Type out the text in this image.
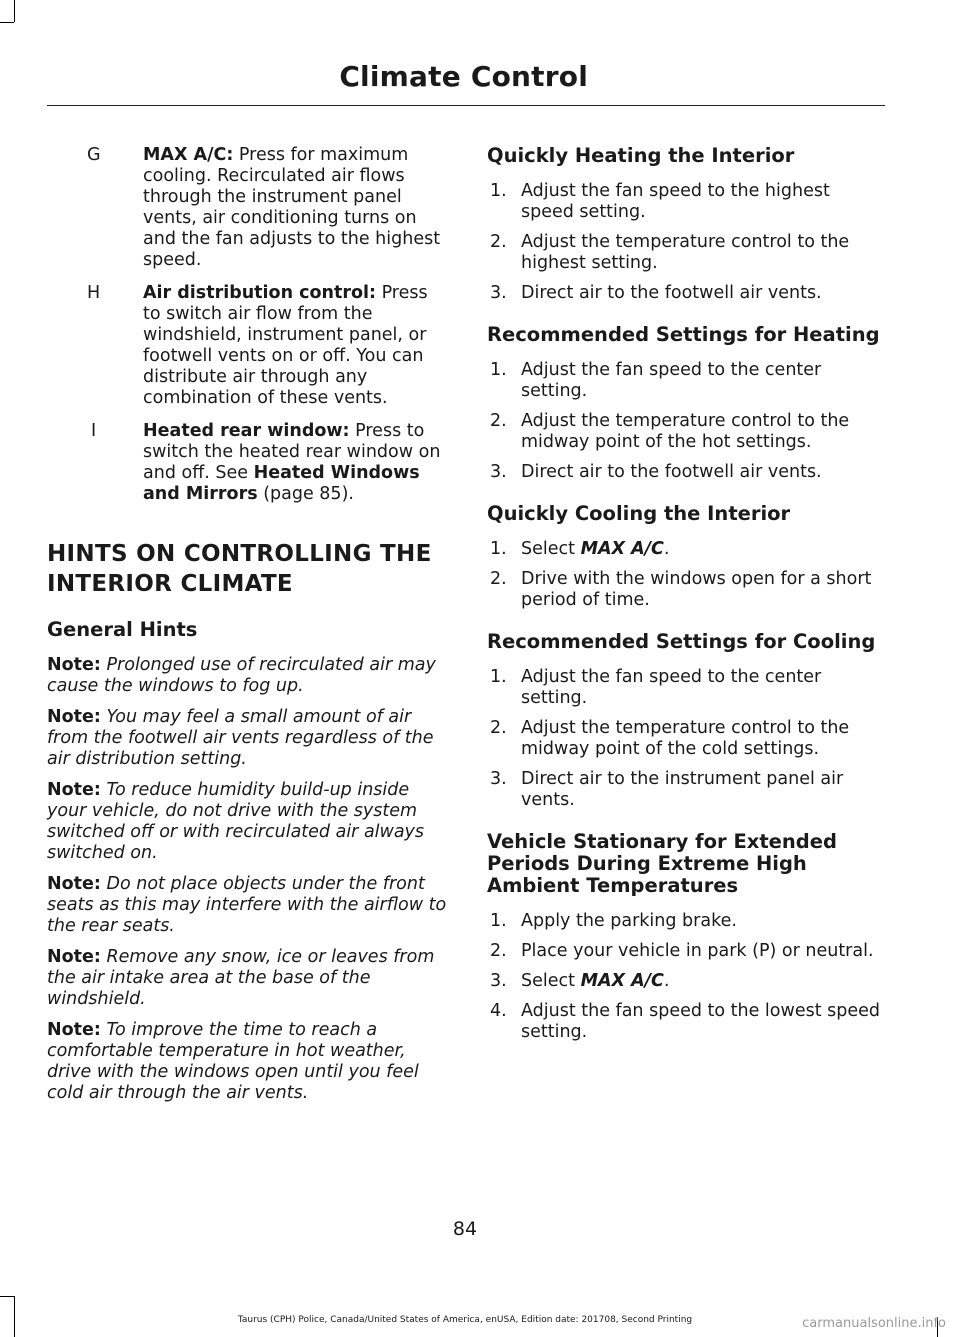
Climate Control
G MAX A/C: Press for maximum cooling. Recirculated air flows through the instrument panel vents, air conditioning turns on and the fan adjusts to the highest speed.
H Air distribution control: Press to switch air flow from the windshield, instrument panel, or footwell vents on or off. You can distribute air through any combination of these vents.
I	Heated rear window: Press to switch the heated rear window on and off. See Heated Windows and Mirrors (page 85).
HINTS ON CONTROLLING THE
INTERIOR CLIMATE
General Hints

Note: Prolonged use of recirculated air may cause the windows to fog up.

Note: You may feel a small amount of air from the footwell air vents regardless of the air distribution setting.

Note: To reduce humidity build-up inside your vehicle, do not drive with the system switched off or with recirculated air always switched on.

Note: Do not place objects under the front seats as this may interfere with the airflow to the rear seats.

Note: Remove any snow, ice or leaves from the air intake area at the base of the windshield.

Note: To improve the time to reach a comfortable temperature in hot weather, drive with the windows open until you feel cold air through the air vents.

Quickly Heating the Interior
1. Adjust the fan speed to the highest speed setting.
2. Adjust the temperature control to the highest setting.
3. Direct air to the footwell air vents.
Recommended Settings for Heating
1. Adjust the fan speed to the center setting.
2. Adjust the temperature control to the midway point of the hot settings.
3. Direct air to the footwell air vents.
Quickly Cooling the Interior
1. Select MAX A/C.
2. Drive with the windows open for a short period of time.
Recommended Settings for Cooling
1. Adjust the fan speed to the center setting.
2. Adjust the temperature control to the midway point of the cold settings.
3. Direct air to the instrument panel air vents.
Vehicle Stationary for Extended Periods During Extreme High Ambient Temperatures
1. Apply the parking brake.
2. Place your vehicle in park (P) or neutral.
3. Select MAX A/C.
4. Adjust the fan speed to the lowest speed setting.
84
Taurus (CPH) Police, Canada/United States of America, enUSA, Edition date: 201708, Second Printing	carmanualsonline.info
